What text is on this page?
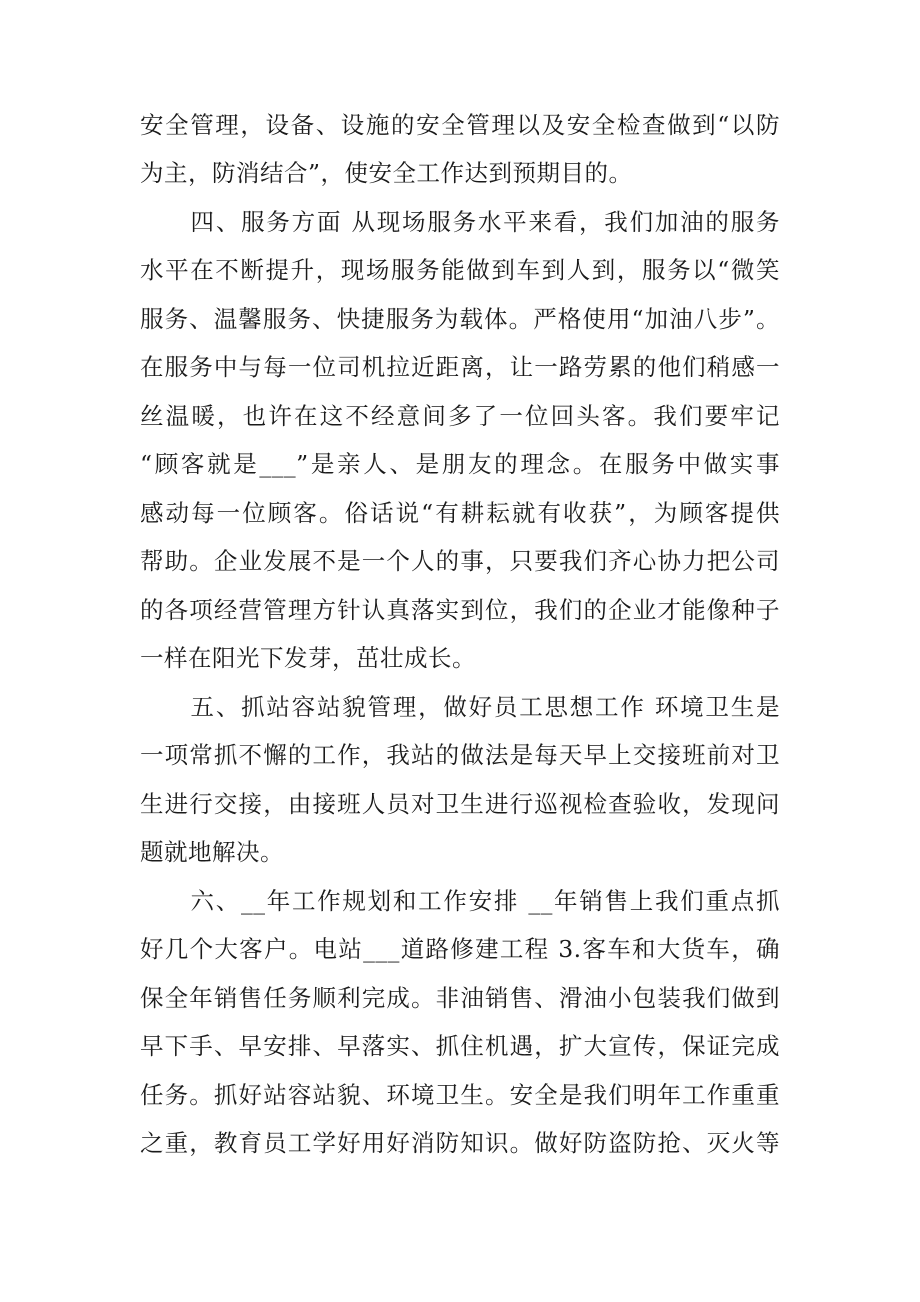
安全管理，设备、设施的安全管理以及安全检查做到“以防
为主，防消结合”，使安全工作达到预期目的。
　　四、服务方面 从现场服务水平来看，我们加油的服务
水平在不断提升，现场服务能做到车到人到，服务以“微笑
服务、温馨服务、快捷服务为载体。严格使用“加油八步”。
在服务中与每一位司机拉近距离，让一路劳累的他们稍感一
丝温暖，也许在这不经意间多了一位回头客。我们要牢记
“顾客就是___”是亲人、是朋友的理念。在服务中做实事
感动每一位顾客。俗话说“有耕耘就有收获”，为顾客提供
帮助。企业发展不是一个人的事，只要我们齐心协力把公司
的各项经营管理方针认真落实到位，我们的企业才能像种子
一样在阳光下发芽，茁壮成长。
　　五、抓站容站貌管理，做好员工思想工作 环境卫生是
一项常抓不懈的工作，我站的做法是每天早上交接班前对卫
生进行交接，由接班人员对卫生进行巡视检查验收，发现问
题就地解决。
　　六、__年工作规划和工作安排 __年销售上我们重点抓
好几个大客户。电站___道路修建工程 3.客车和大货车，确
保全年销售任务顺利完成。非油销售、滑油小包装我们做到
早下手、早安排、早落实、抓住机遇，扩大宣传，保证完成
任务。抓好站容站貌、环境卫生。安全是我们明年工作重重
之重，教育员工学好用好消防知识。做好防盗防抢、灭火等
